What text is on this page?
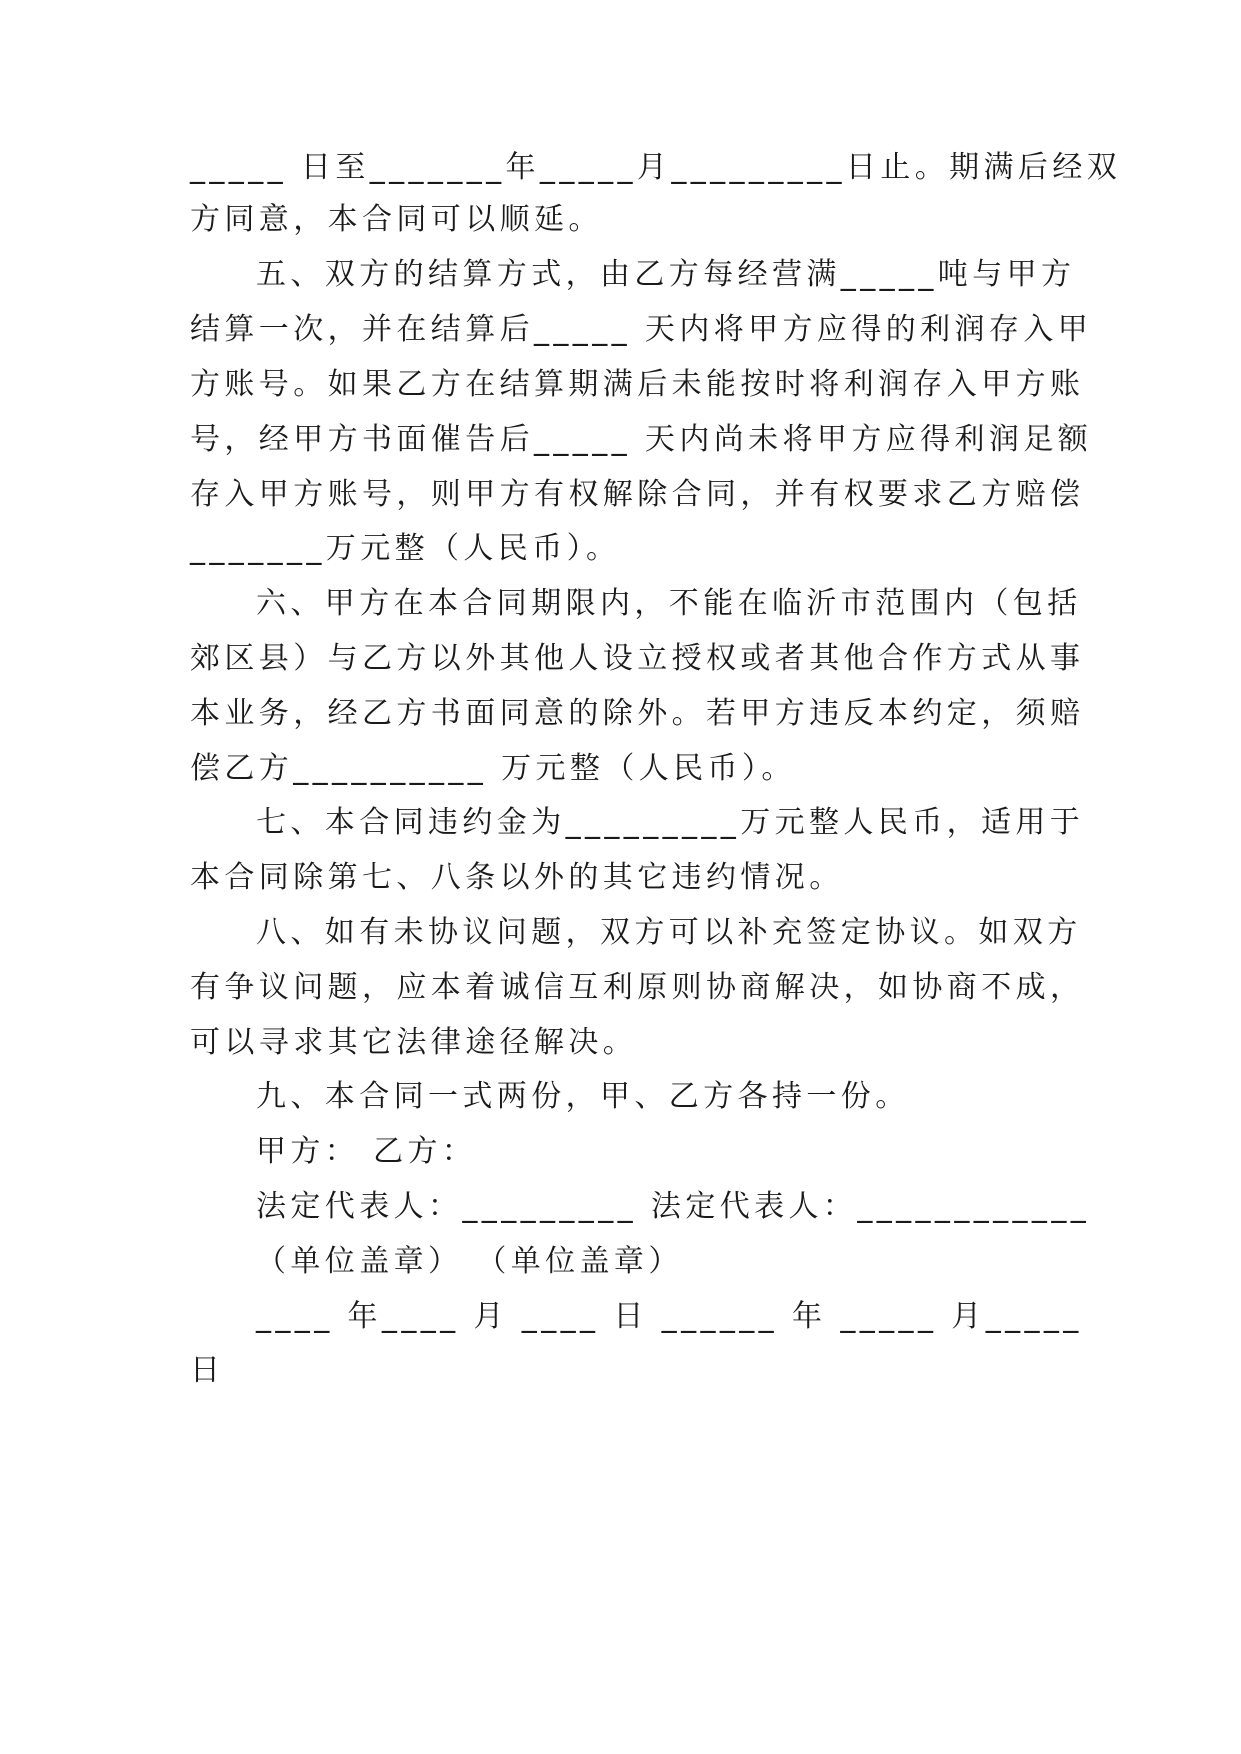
_____ 日至_______年_____月_________日止。期满后经双
方同意，本合同可以顺延。
五、双方的结算方式，由乙方每经营满_____吨与甲方
结算一次，并在结算后_____ 天内将甲方应得的利润存入甲
方账号。如果乙方在结算期满后未能按时将利润存入甲方账
号，经甲方书面催告后_____ 天内尚未将甲方应得利润足额
存入甲方账号，则甲方有权解除合同，并有权要求乙方赔偿
_______万元整（人民币）。
六、甲方在本合同期限内，不能在临沂市范围内（包括
郊区县）与乙方以外其他人设立授权或者其他合作方式从事
本业务，经乙方书面同意的除外。若甲方违反本约定，须赔
偿乙方__________ 万元整（人民币）。
七、本合同违约金为_________万元整人民币，适用于
本合同除第七、八条以外的其它违约情况。
八、如有未协议问题，双方可以补充签定协议。如双方
有争议问题，应本着诚信互利原则协商解决，如协商不成，
可以寻求其它法律途径解决。
九、本合同一式两份，甲、乙方各持一份。
甲方： 乙方：
法定代表人：_________ 法定代表人：____________
（单位盖章） （单位盖章）
____ 年____ 月 ____ 日 ______ 年 _____ 月_____
日
